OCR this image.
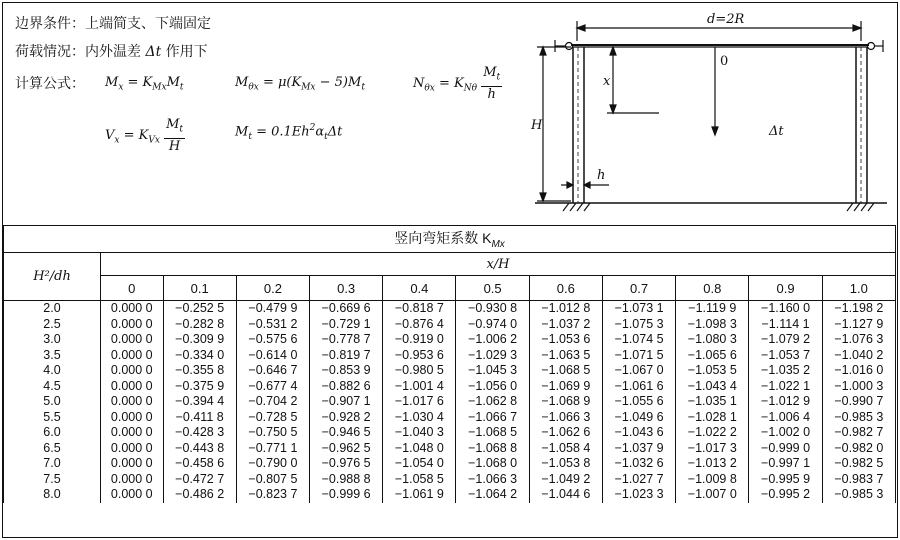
边界条件：上端简支、下端固定
荷载情况：内外温差 Δt 作用下
计算公式： $M_x = K_{Mx}M_t$	$M_{\theta x} = \mu(K_{Mx} - 5)M_t$	$N_{\theta x} = K_{N\theta} \frac{M_t}{h}$
$V_x = K_{Vx} \frac{M_t}{H}$	$M_t = 0.1Eh^2\alpha_t\Delta t$
d=2R
0
x
H	Δt
h
竖向弯矩系数 $K_{Mx}$
H²/dh	x/H										
	0	0.1	0.2	0.3	0.4	0.5	0.6	0.7	0.8	0.9	1.0
2.0	0.000 0	−0.252 5	−0.479 9	−0.669 6	−0.818 7	−0.930 8	−1.012 8	−1.073 1	−1.119 9	−1.160 0	−1.198 2
2.5	0.000 0	−0.282 8	−0.531 2	−0.729 1	−0.876 4	−0.974 0	−1.037 2	−1.075 3	−1.098 3	−1.114 1	−1.127 9
3.0	0.000 0	−0.309 9	−0.575 6	−0.778 7	−0.919 0	−1.006 2	−1.053 6	−1.074 5	−1.080 3	−1.079 2	−1.076 3
3.5	0.000 0	−0.334 0	−0.614 0	−0.819 7	−0.953 6	−1.029 3	−1.063 5	−1.071 5	−1.065 6	−1.053 7	−1.040 2
4.0	0.000 0	−0.355 8	−0.646 7	−0.853 9	−0.980 5	−1.045 3	−1.068 5	−1.067 0	−1.053 5	−1.035 2	−1.016 0
4.5	0.000 0	−0.375 9	−0.677 4	−0.882 6	−1.001 4	−1.056 0	−1.069 9	−1.061 6	−1.043 4	−1.022 1	−1.000 3
5.0	0.000 0	−0.394 4	−0.704 2	−0.907 1	−1.017 6	−1.062 8	−1.068 9	−1.055 6	−1.035 1	−1.012 9	−0.990 7
5.5	0.000 0	−0.411 8	−0.728 5	−0.928 2	−1.030 4	−1.066 7	−1.066 3	−1.049 6	−1.028 1	−1.006 4	−0.985 3
6.0	0.000 0	−0.428 3	−0.750 5	−0.946 5	−1.040 3	−1.068 5	−1.062 6	−1.043 6	−1.022 2	−1.002 0	−0.982 7
6.5	0.000 0	−0.443 8	−0.771 1	−0.962 5	−1.048 0	−1.068 8	−1.058 4	−1.037 9	−1.017 3	−0.999 0	−0.982 0
7.0	0.000 0	−0.458 6	−0.790 0	−0.976 5	−1.054 0	−1.068 0	−1.053 8	−1.032 6	−1.013 2	−0.997 1	−0.982 5
7.5	0.000 0	−0.472 7	−0.807 5	−0.988 8	−1.058 5	−1.066 3	−1.049 2	−1.027 7	−1.009 8	−0.995 9	−0.983 7
8.0	0.000 0	−0.486 2	−0.823 7	−0.999 6	−1.061 9	−1.064 2	−1.044 6	−1.023 3	−1.007 0	−0.995 2	−0.985 3
